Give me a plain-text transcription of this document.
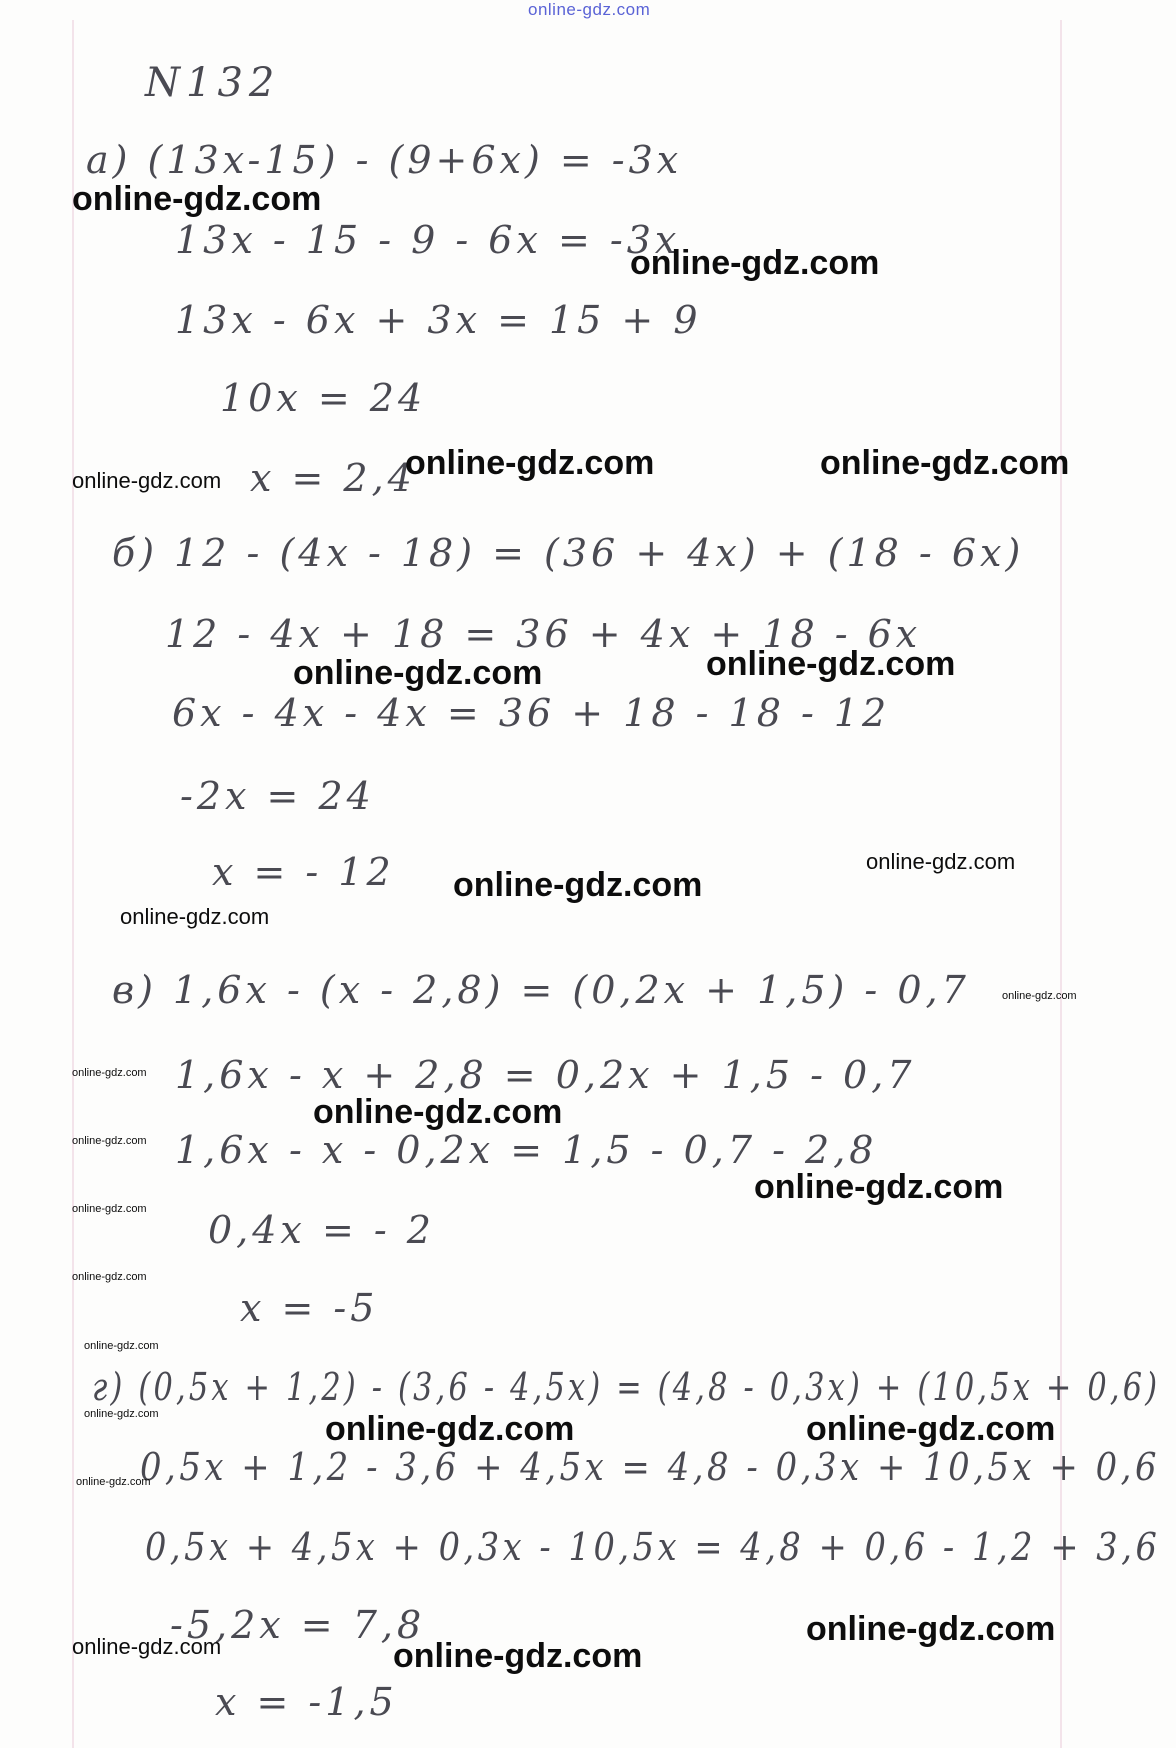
online-gdz.com
N132
а) (13x-15) - (9+6x) = -3x
13x - 15 - 9 - 6x = -3x
13x - 6x + 3x = 15 + 9
10x = 24
x = 2,4
б) 12 - (4x - 18) = (36 + 4x) + (18 - 6x)
12 - 4x + 18 = 36 + 4x + 18 - 6x
6x - 4x - 4x = 36 + 18 - 18 - 12
-2x = 24
x = - 12
в) 1,6x - (x - 2,8) = (0,2x + 1,5) - 0,7
1,6x - x + 2,8 = 0,2x + 1,5 - 0,7
1,6x - x - 0,2x = 1,5 - 0,7 - 2,8
0,4x = - 2
x = -5
г) (0,5x + 1,2) - (3,6 - 4,5x) = (4,8 - 0,3x) + (10,5x + 0,6)
0,5x + 1,2 - 3,6 + 4,5x = 4,8 - 0,3x + 10,5x + 0,6
0,5x + 4,5x + 0,3x - 10,5x = 4,8 + 0,6 - 1,2 + 3,6
-5,2x = 7,8
x = -1,5
online-gdz.com
online-gdz.com
online-gdz.com	online-gdz.com	online-gdz.com
online-gdz.com	online-gdz.com
online-gdz.com
online-gdz.com
online-gdz.com
online-gdz.com
online-gdz.com
online-gdz.com
online-gdz.com
online-gdz.com
online-gdz.com
online-gdz.com
online-gdz.com
online-gdz.com	online-gdz.com	online-gdz.com
online-gdz.com
online-gdz.com
online-gdz.com	online-gdz.com
